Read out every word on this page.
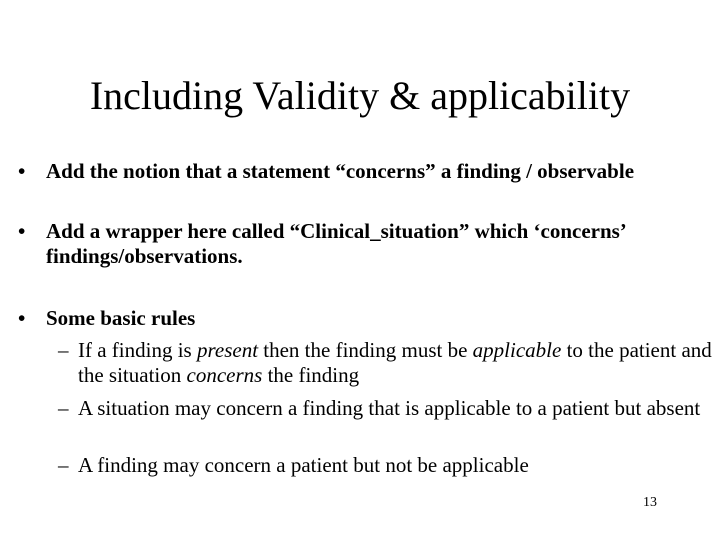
Including Validity & applicability
• Add the notion that a statement “concerns” a finding / observable
• Add a wrapper here called “Clinical_situation” which ‘concerns’ findings/observations.
• Some basic rules
– If a finding is present then the finding must be applicable to the patient and the situation concerns the finding
– A situation may concern a finding that is applicable to a patient but absent
– A finding may concern a patient but not be applicable
13
